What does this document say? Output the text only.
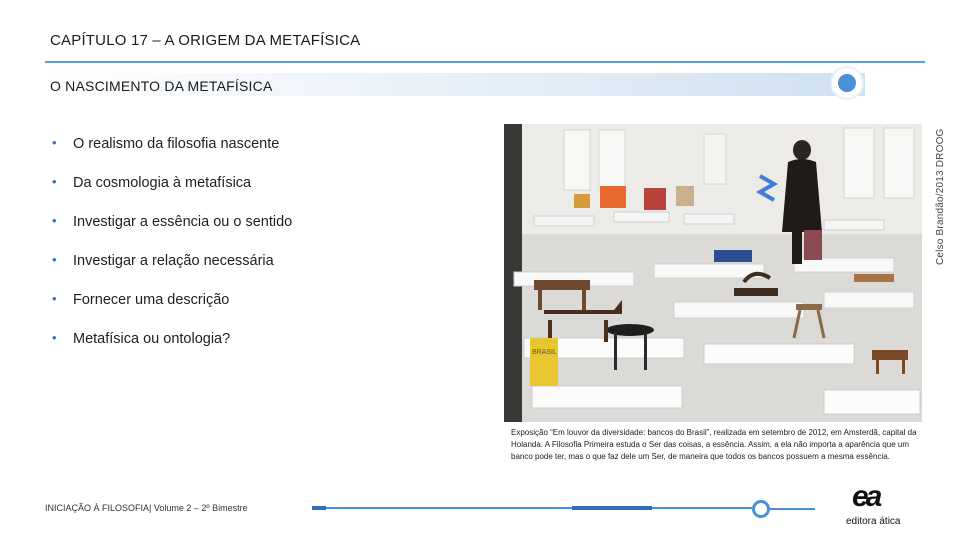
CAPÍTULO 17 – A ORIGEM DA METAFÍSICA
O NASCIMENTO DA METAFÍSICA
•	O realismo da filosofia nascente
•	Da cosmologia à metafísica
•	Investigar a essência ou o sentido
•	Investigar a relação necessária
•	Fornecer uma descrição
•	Metafísica ou ontologia?
BRASIL
Celso Brandão/2013 DROOG
Exposição “Em louvor da diversidade: bancos do Brasil”, realizada em setembro de 2012, em Amsterdã, capital da Holanda. A Filosofia Primeira estuda o Ser das coisas, a essência. Assim, a ela não importa a aparência que um banco pode ter, mas o que faz dele um Ser, de maneira que todos os bancos possuem a mesma essência.
INICIAÇÃO À FILOSOFIA| Volume 2 – 2º Bimestre	ea
editora ática
